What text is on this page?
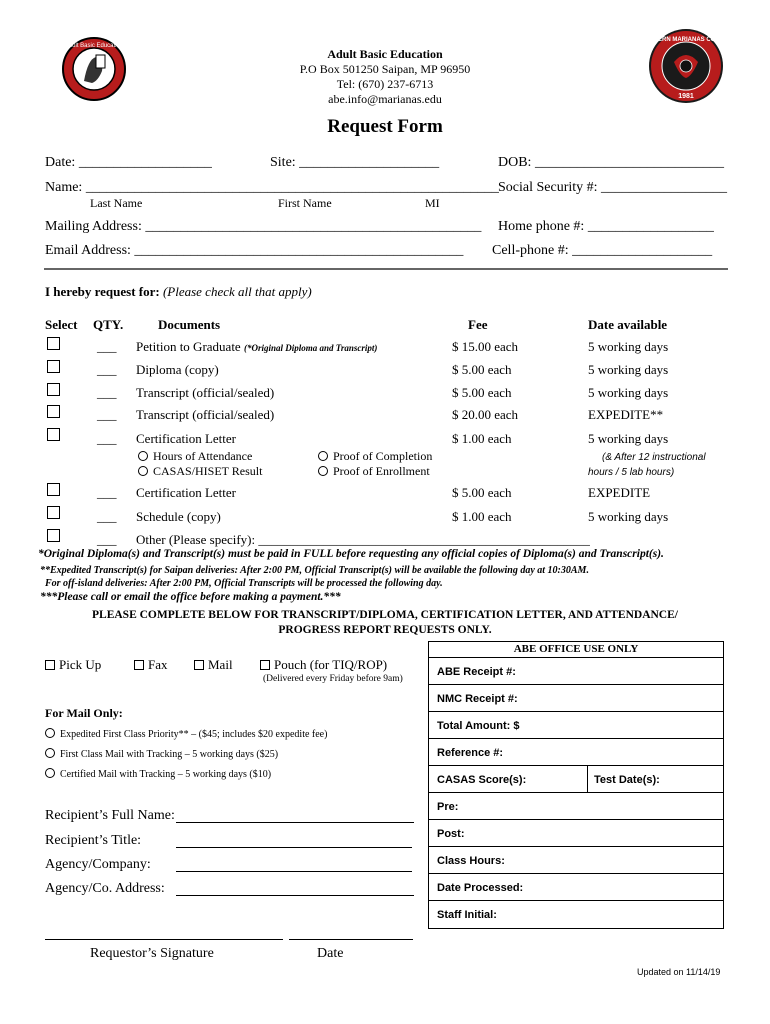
Adult Basic Education
NORTHERN MARIANAS COLLEGE
1981
Adult Basic Education
P.O Box 501250 Saipan, MP 96950
Tel: (670) 237-6713
abe.info@marianas.edu
Request Form
Date: ___________________	Site: ____________________	DOB: ___________________________
Name: ___________________________________________________________ Social Security #: __________________
Last Name	First Name	MI
Mailing Address: ________________________________________________ Home phone #: __________________
Email Address: _______________________________________________ Cell-phone #: ____________________
I hereby request for: (Please check all that apply)
Select QTY.	Documents	Fee	Date available
___ Petition to Graduate (*Original Diploma and Transcript)	$ 15.00 each	5 working days
___ Diploma (copy)	$ 5.00 each	5 working days
___ Transcript (official/sealed)	$ 5.00 each	5 working days
___ Transcript (official/sealed)	$ 20.00 each	EXPEDITE**
___ Certification Letter	$ 1.00 each	5 working days
Hours of Attendance
CASAS/HISET Result
Proof of Completion
Proof of Enrollment
(& After 12 instructional
hours / 5 lab hours)
___ Certification Letter	$ 5.00 each	EXPEDITE
___ Schedule (copy)	$ 1.00 each	5 working days
___ Other (Please specify): ___________________________________________________
*Original Diploma(s) and Transcript(s) must be paid in FULL before requesting any official copies of Diploma(s) and Transcript(s).
**Expedited Transcript(s) for Saipan deliveries: After 2:00 PM, Official Transcript(s) will be available the following day at 10:30AM.
For off-island deliveries: After 2:00 PM, Official Transcripts will be processed the following day.
***Please call or email the office before making a payment.***
PLEASE COMPLETE BELOW FOR TRANSCRIPT/DIPLOMA, CERTIFICATION LETTER, AND ATTENDANCE/
PROGRESS REPORT REQUESTS ONLY.
Pick Up	Fax	Mail	Pouch (for TIQ/ROP)
(Delivered every Friday before 9am)
For Mail Only:
Expedited First Class Priority** – ($45; includes $20 expedite fee)
First Class Mail with Tracking – 5 working days ($25)
Certified Mail with Tracking – 5 working days ($10)
ABE OFFICE USE ONLY
ABE Receipt #:
NMC Receipt #:
Total Amount: $
Reference #:
CASAS Score(s):	Test Date(s):
Pre:
Post:
Class Hours:
Date Processed:
Staff Initial:
Recipient’s Full Name:
Recipient’s Title:
Agency/Company:
Agency/Co. Address:
Requestor’s Signature	Date
Updated on 11/14/19
